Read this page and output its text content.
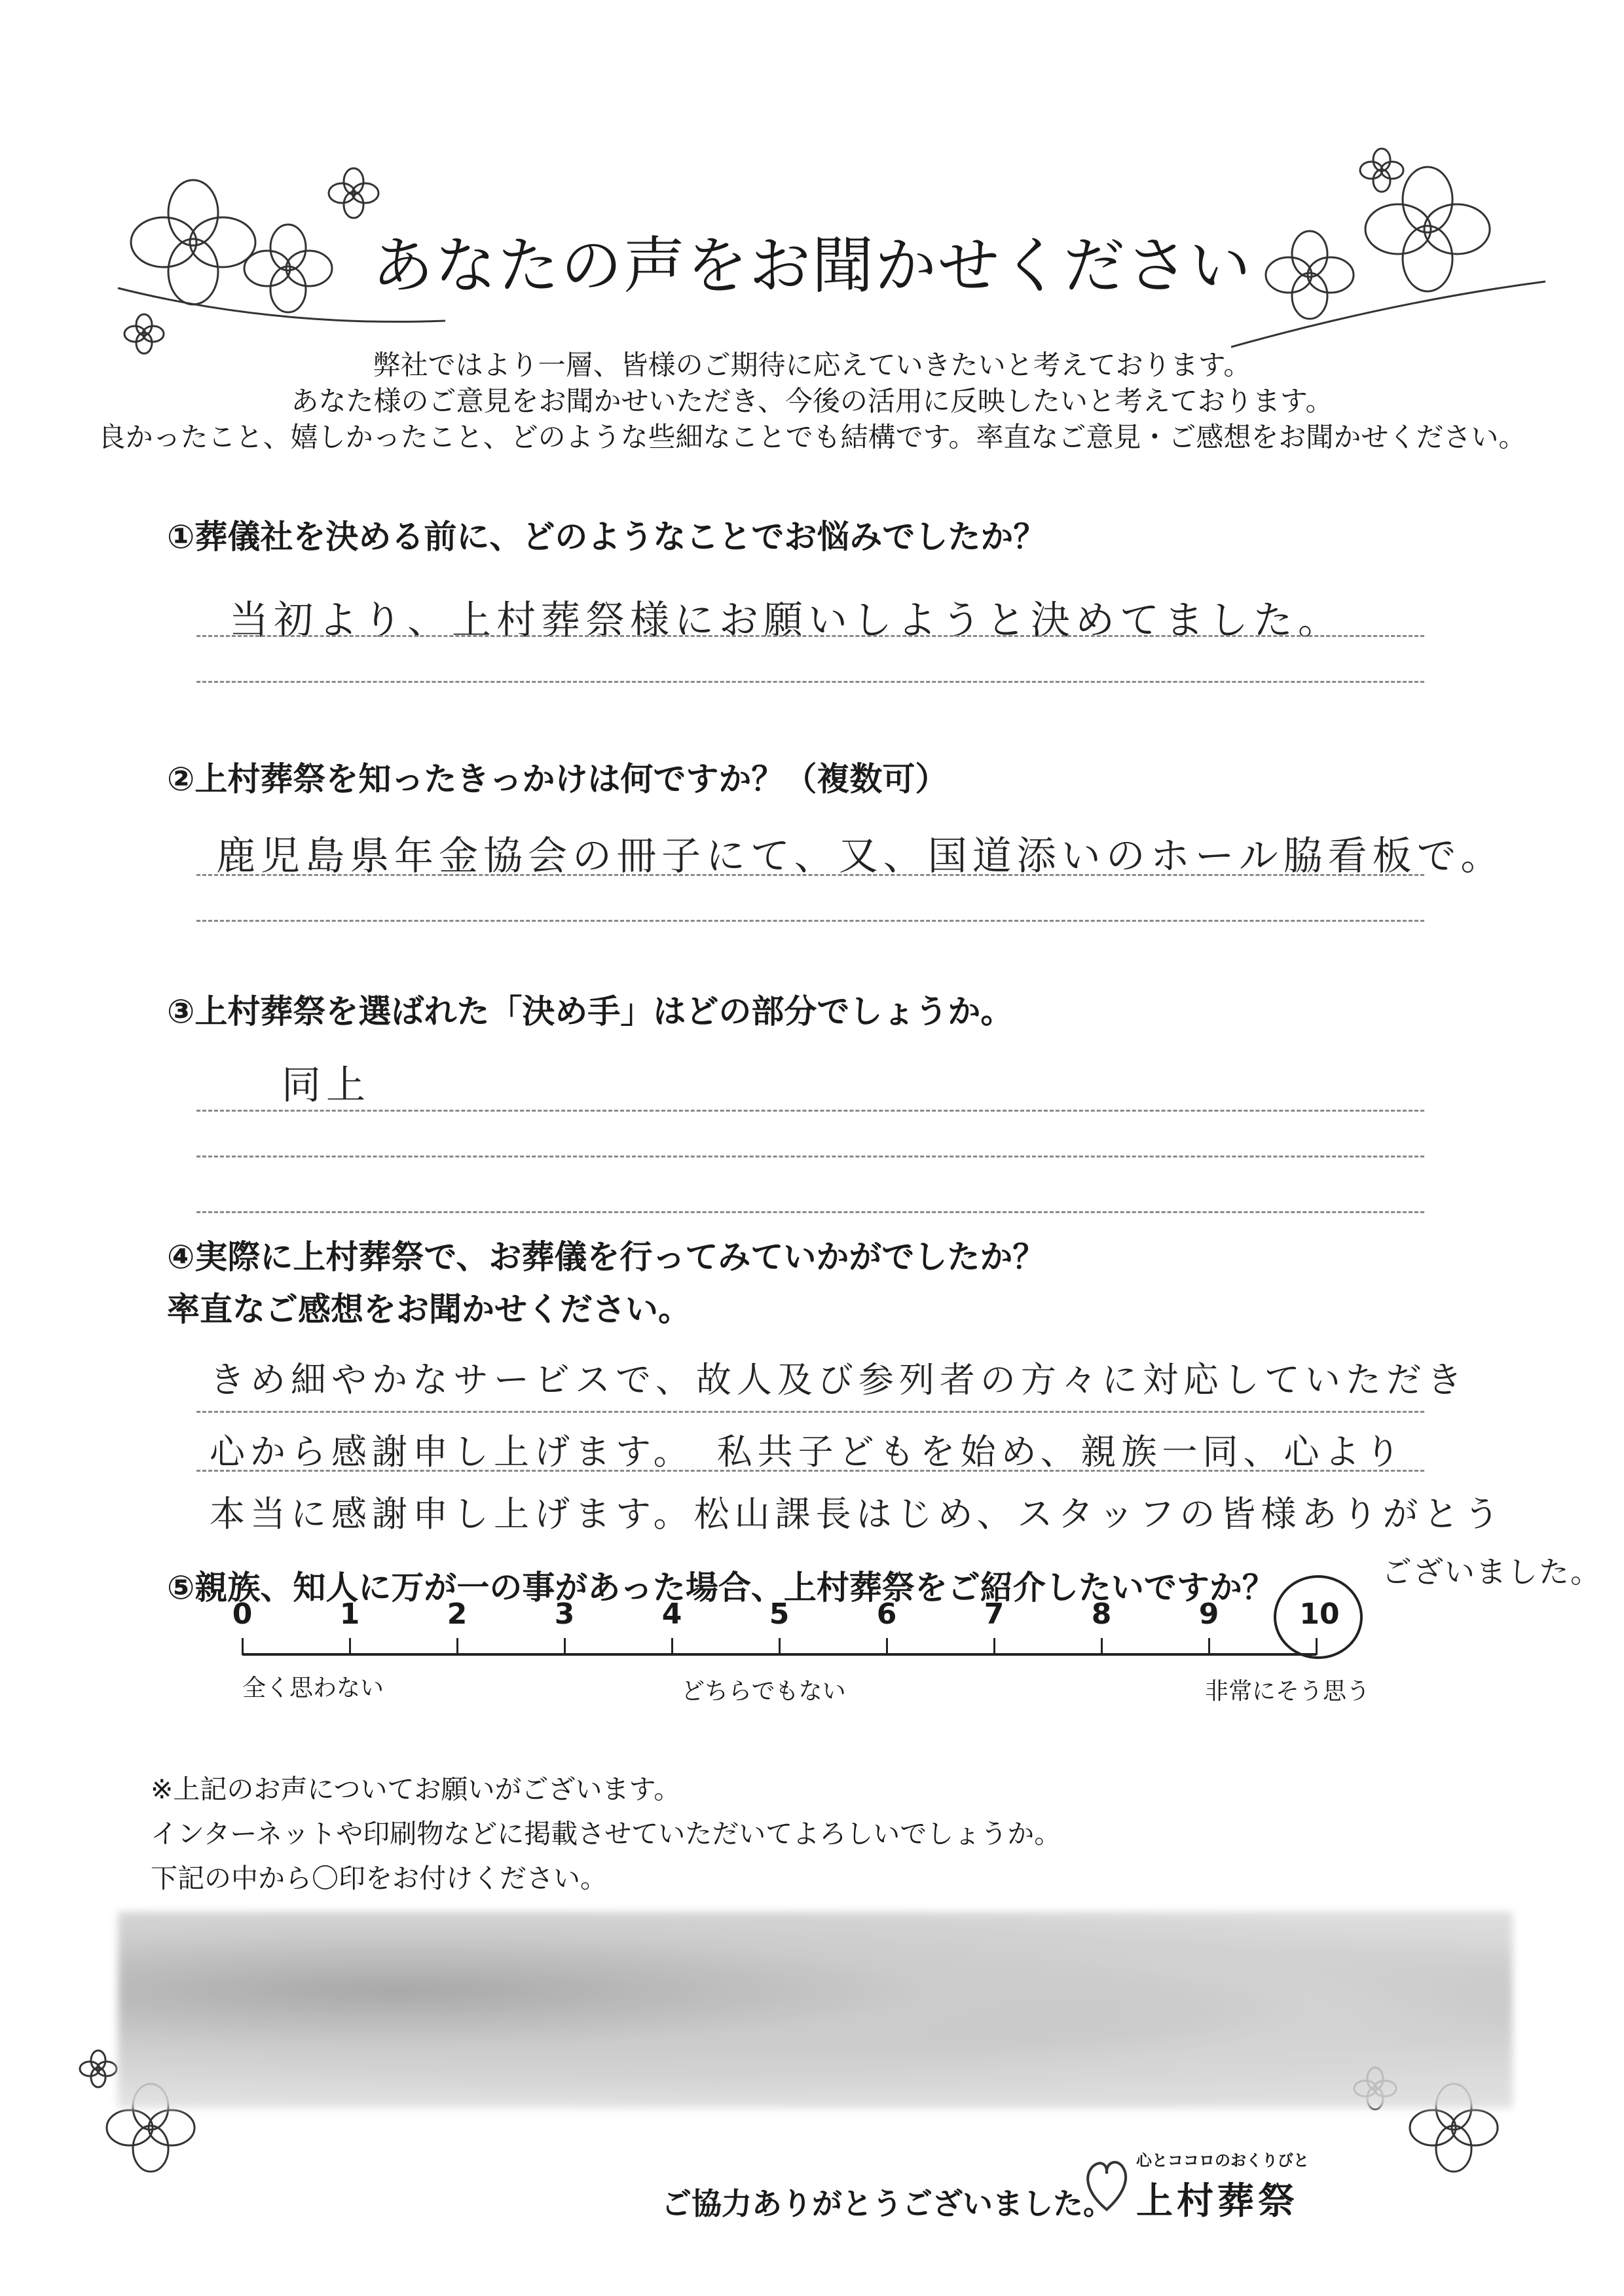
あなたの声をお聞かせください
弊社ではより一層、皆様のご期待に応えていきたいと考えております。
あなた様のご意見をお聞かせいただき、今後の活用に反映したいと考えております。
良かったこと、嬉しかったこと、どのような些細なことでも結構です。率直なご意見・ご感想をお聞かせください。
①葬儀社を決める前に、どのようなことでお悩みでしたか？
当初より、上村葬祭様にお願いしようと決めてました。
②上村葬祭を知ったきっかけは何ですか？（複数可）
鹿児島県年金協会の冊子にて、又、国道添いのホール脇看板で。
③上村葬祭を選ばれた「決め手」はどの部分でしょうか。
同上
④実際に上村葬祭で、お葬儀を行ってみていかがでしたか？
率直なご感想をお聞かせください。
きめ細やかなサービスで、故人及び参列者の方々に対応していただき
心から感謝申し上げます。　私共子どもを始め、親族一同、心より
本当に感謝申し上げます。松山課長はじめ、スタッフの皆様ありがとう
ございました。
⑤親族、知人に万が一の事があった場合、上村葬祭をご紹介したいですか？
0	1	2	3	4	5	6	7	8	9	10
全く思わない	どちらでもない	非常にそう思う
※上記のお声についてお願いがございます。
インターネットや印刷物などに掲載させていただいてよろしいでしょうか。
下記の中から〇印をお付けください。
ご協力ありがとうございました。
心とココロのおくりびと
上村葬祭
